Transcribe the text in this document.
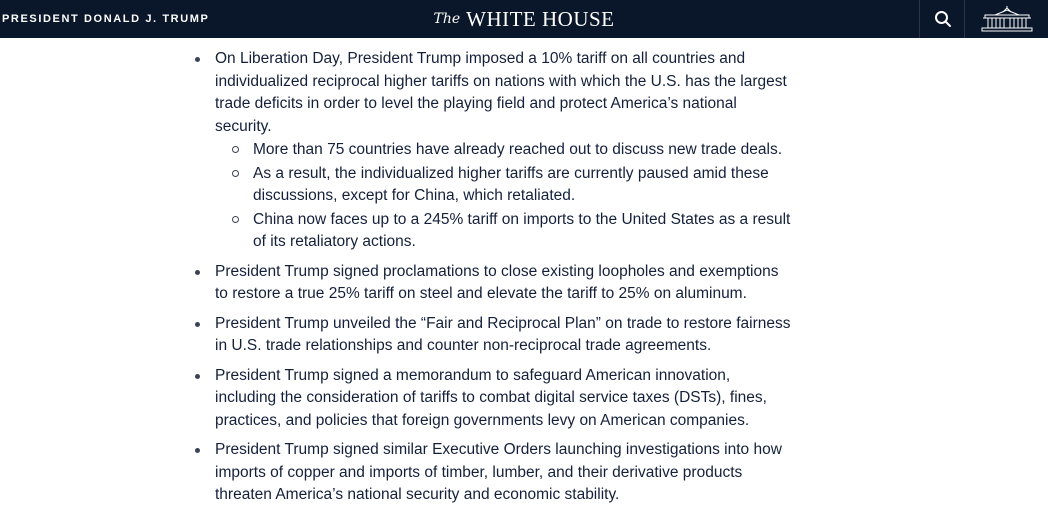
PRESIDENT DONALD J. TRUMP	The WHITE HOUSE
On Liberation Day, President Trump imposed a 10% tariff on all countries and individualized reciprocal higher tariffs on nations with which the U.S. has the largest trade deficits in order to level the playing field and protect America’s national security.
More than 75 countries have already reached out to discuss new trade deals.
As a result, the individualized higher tariffs are currently paused amid these discussions, except for China, which retaliated.
China now faces up to a 245% tariff on imports to the United States as a result of its retaliatory actions.
President Trump signed proclamations to close existing loopholes and exemptions to restore a true 25% tariff on steel and elevate the tariff to 25% on aluminum.
President Trump unveiled the “Fair and Reciprocal Plan” on trade to restore fairness in U.S. trade relationships and counter non-reciprocal trade agreements.
President Trump signed a memorandum to safeguard American innovation, including the consideration of tariffs to combat digital service taxes (DSTs), fines, practices, and policies that foreign governments levy on American companies.
President Trump signed similar Executive Orders launching investigations into how imports of copper and imports of timber, lumber, and their derivative products threaten America’s national security and economic stability.
